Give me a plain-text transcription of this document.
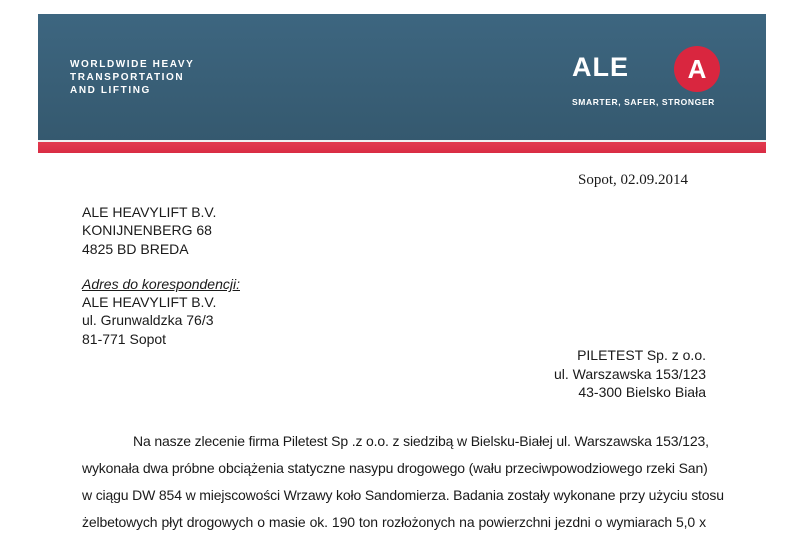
WORLDWIDE HEAVY
TRANSPORTATION
AND LIFTING
ALE	A
SMARTER, SAFER, STRONGER
Sopot, 02.09.2014
ALE HEAVYLIFT B.V.
KONIJNENBERG 68
4825 BD BREDA
Adres do korespondencji:
ALE HEAVYLIFT B.V.
ul. Grunwaldzka 76/3
81-771 Sopot
PILETEST Sp. z o.o.
ul. Warszawska 153/123
43-300 Bielsko Biała
Na nasze zlecenie firma Piletest Sp .z o.o. z siedzibą w Bielsku-Białej ul. Warszawska 153/123,
wykonała dwa próbne obciążenia statyczne nasypu drogowego (wału przeciwpowodziowego rzeki San)
w ciągu DW 854 w miejscowości Wrzawy koło Sandomierza. Badania zostały wykonane przy użyciu stosu
żelbetowych płyt drogowych o masie ok. 190 ton rozłożonych na powierzchni jezdni o wymiarach 5,0 x
